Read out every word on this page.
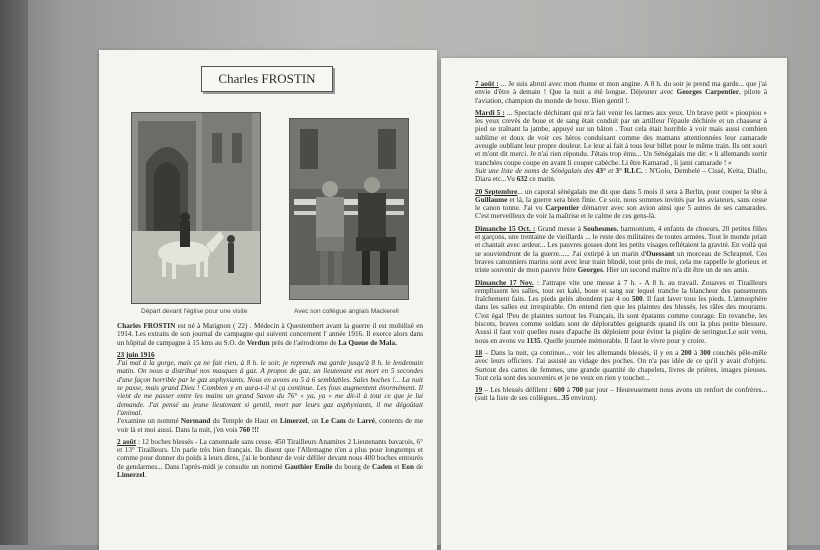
Charles FROSTIN
Départ devant l'église pour une visite	Avec son collègue anglais Mackerell

Charles FROSTIN est né à Matignon ( 22) . Médecin à Questembert avant la guerre il est mobilisé en 1914. Les extraits de son journal de campagne qui suivent concernent l' année 1916. Il exerce alors dans un hôpital de campagne à 15 kms au S.O. de Verdun près de l'aérodrome de La Queue de Mala.

23 juin 1916
J'ai mal à la gorge, mais ça ne fait rien, à 8 h. le soir, je reprends ma garde jusqu'à 8 h. le lendemain matin. On nous a distribué nos masques à gaz. A propos de gaz, un lieutenant est mort en 5 secondes d'une façon horrible par le gaz asphyxiants. Nous en avons eu 5 à 6 semblables. Sales boches !... La nuit se passe, mais grand Dieu ! Combien y en aura-t-il si ça continue. Les fous augmentent énormément. Il vient de me passer entre les mains un grand Saxon du 76° « ya, ya » me dit-il à tout ce que je lui demande. J'ai pensé au jeune lieutenant si gentil, mort par leurs gaz asphyxiants, il me dégoûtait l'animal.
J'examine un nommé Normand du Temple de Haut en Limerzel, un Le Cam de Larré, contents de me voir là et moi aussi. Dans la nuit, j'en vois 760 !!!

2 août : 12 boches blessés - La canonnade sans cesse. 450 Tirailleurs Anamites 2 Lieutenants bavarois, 6° et 13° Tirailleurs. Un parle très bien français. Ils disent que l'Allemagne n'en a plus pour longtemps et comme pour donner du poids à leurs dires, j'ai le bonheur de voir défiler devant nous 400 boches entourés de gendarmes... Dans l'après-midi je consulte un nommé Gauthier Emile du bourg de Caden et Eon de Limerzel.

7 août : ... Je suis abruti avec mon rhume et mon angine. A 8 h. du soir je prend ma garde... que j'ai envie d'être à demain ! Que la nuit a été longue. Déjeuner avec Georges Carpentier, pilote à l'aviation, champion du monde de boxe. Bien gentil !.

Mardi 5 : ... Spectacle déchirant qui m'a fait venir les larmes aux yeux. Un brave petit « pioupiou » les yeux crevés de boue et de sang était conduit par un artilleur l'épaule déchirée et un chasseur à pied se traînant la jambe, appuyé sur un bâton . Tout cela était horrible à voir mais aussi combien sublime et doux de voir ces héros conduisant comme des mamans attentionnées leur camarade aveugle oubliant leur propre douleur. Le leur ai fait à tous leur billet pour le même train. Ils ont souri et m'ont dit merci. Je n'ai rien répondu. J'étais trop ému... Un Sénégalais me dit: « li allemands sortir tranchées coupe coupe en avant li couper cabèche. Li être Kamarad , li jami camarade ! »
Suit une liste de noms de Sénégalais des 43° et 3° R.I.C. : N'Golo, Dembelé – Cissé, Keita, Diallo, Diara etc...Vu 632 ce matin.

20 Septembre... un caporal sénégalais me dit que dans 5 mois il sera à Berlin, pour couper la tête à Guillaume et là, la guerre sera bien finie. Ce soir, nous sommes invités par les aviateurs, sans cesse le canon tonne. J'ai vu Carpentier démarrer avec son avion ainsi que 5 autres de ses camarades. C'est merveilleux de voir la maîtrise et le calme de ces gens-là.

Dimanche 15 Oct. : Grand messe à Souhesmes. harmonium, 4 enfants de choeurs, 20 petites filles et garçons, une trentaine de vieillards ... le reste des militaires de toutes armées. Tout le monde priait et chantait avec ardeur... Les pauvres gosses dont les petits visages reflétaient la gravité. En voilà qui se souviendront de la guerre...... J'ai extirpé à un marin d'Ouessant un morceau de Schrapnel. Ces braves canonniers marins sont avec leur train blindé, tout près de moi, cela me rappelle le glorieux et triste souvenir de mon pauvre frère Georges. Hier un second maître m'a dit être un de ses amis.

Dimanche 17 Nov. : J'attrape vite une messe à 7 h. - A 8 h. au travail. Zouaves et Tirailleurs remplissent les salles, tout est kaki, boue et sang sur lequel tranche la blancheur des pansements fraîchement faits. Les pieds gelés abondent par 4 ou 500. Il faut laver tous les pieds. L'atmosphère dans les salles est irrespirable. On entend rien que les plaintes des blessés, les râles des mourants. C'est égal !Peu de plaintes surtout les Français, ils sont épatants comme courage. En revanche, les biscots, braves comme soldats sont de déplorables geignards quand ils ont la plus petite blessure. Aussi il faut voir quelles ruses d'apache ils déploient pour éviter la piqûre de seringue.Le soir venu, nous en avons vu 1135. Quelle journée mémorable. Il faut le vivre pour y croire.

18 – Dans la nuit, ça continue... voir les allemands blessés, il y en a 200 à 300 couchés pêle-mêle avec leurs officiers. J'ai assisté au vidage des poches. On n'a pas idée de ce qu'il y avait d'objets. Surtout des cartes de femmes, une grande quantité de chapelets, livres de prières, images pieuses. Tout cela sont des souvenirs et je ne veux en rien y toucher...

19 – Les blessés défilent : 600 à 700 par jour – Heureusement nous avons un renfort de confrères... (suit la liste de ses collègues...35 environ).
